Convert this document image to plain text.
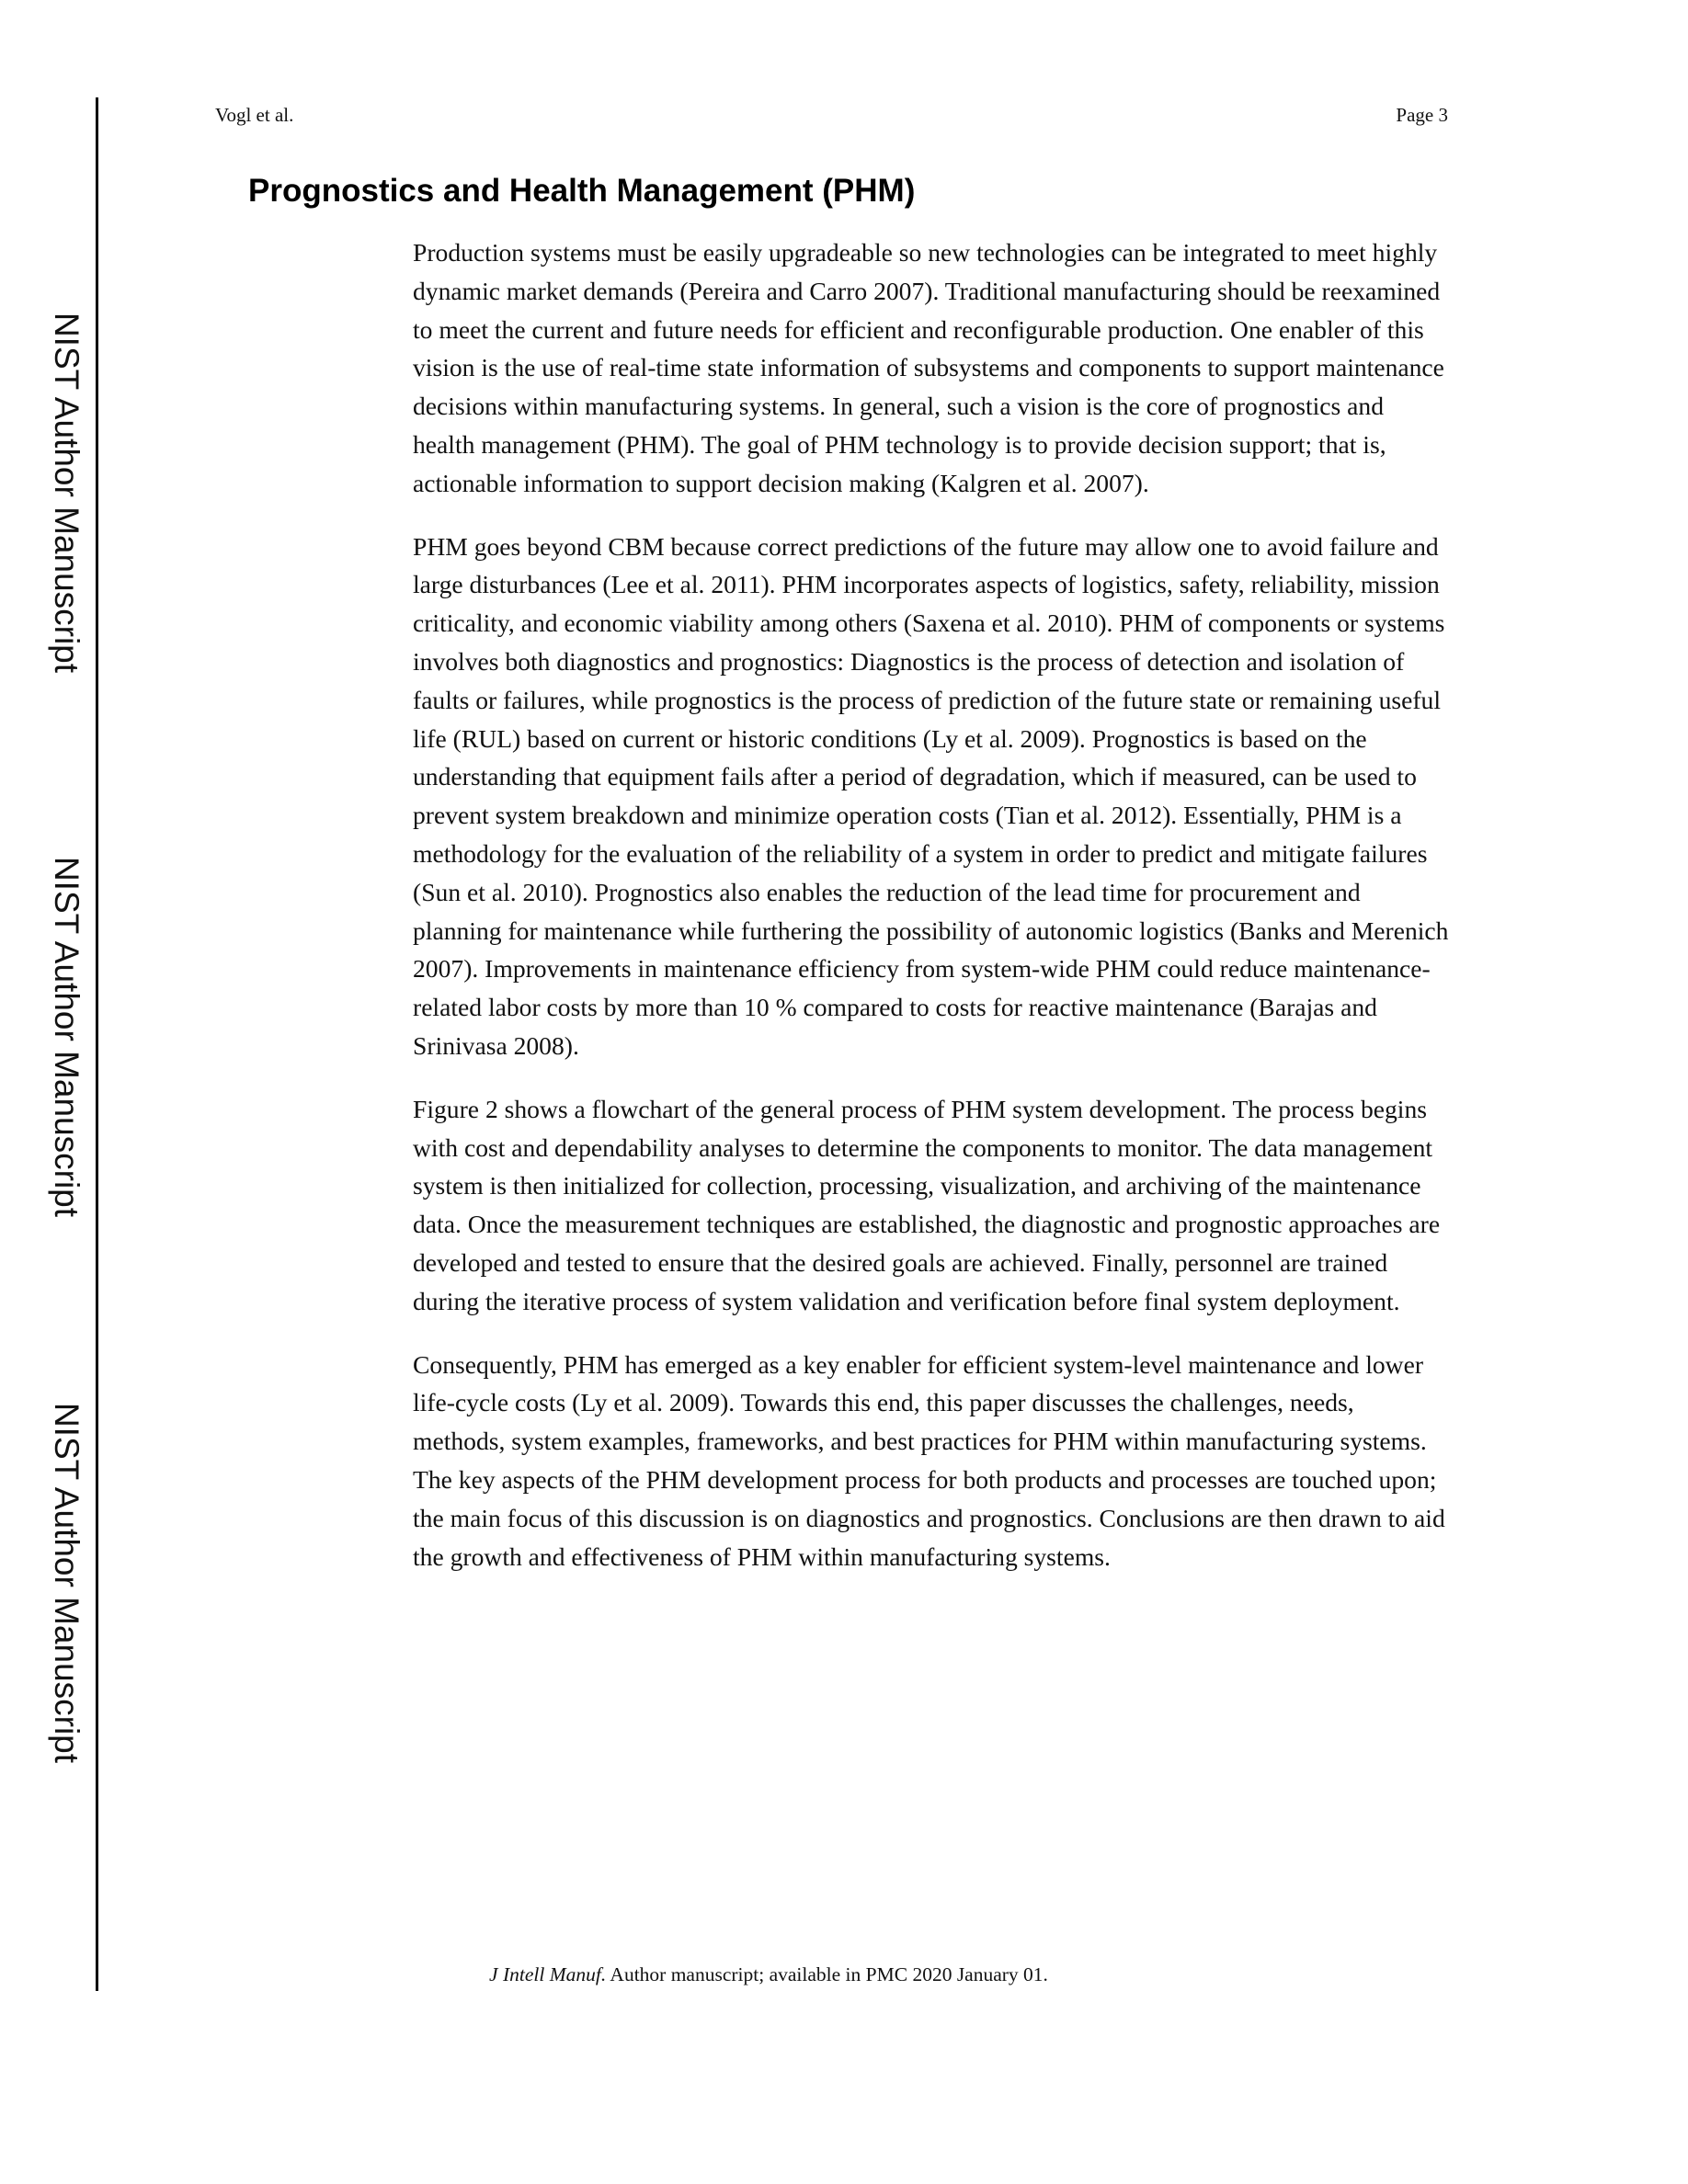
NIST Author Manuscript
NIST Author Manuscript
NIST Author Manuscript
Vogl et al.	Page 3
Prognostics and Health Management (PHM)

Production systems must be easily upgradeable so new technologies can be integrated to meet highly dynamic market demands (Pereira and Carro 2007). Traditional manufacturing should be reexamined to meet the current and future needs for efficient and reconfigurable production. One enabler of this vision is the use of real-time state information of subsystems and components to support maintenance decisions within manufacturing systems. In general, such a vision is the core of prognostics and health management (PHM). The goal of PHM technology is to provide decision support; that is, actionable information to support decision making (Kalgren et al. 2007).

PHM goes beyond CBM because correct predictions of the future may allow one to avoid failure and large disturbances (Lee et al. 2011). PHM incorporates aspects of logistics, safety, reliability, mission criticality, and economic viability among others (Saxena et al. 2010). PHM of components or systems involves both diagnostics and prognostics: Diagnostics is the process of detection and isolation of faults or failures, while prognostics is the process of prediction of the future state or remaining useful life (RUL) based on current or historic conditions (Ly et al. 2009). Prognostics is based on the understanding that equipment fails after a period of degradation, which if measured, can be used to prevent system breakdown and minimize operation costs (Tian et al. 2012). Essentially, PHM is a methodology for the evaluation of the reliability of a system in order to predict and mitigate failures (Sun et al. 2010). Prognostics also enables the reduction of the lead time for procurement and planning for maintenance while furthering the possibility of autonomic logistics (Banks and Merenich 2007). Improvements in maintenance efficiency from system-wide PHM could reduce maintenance-related labor costs by more than 10 % compared to costs for reactive maintenance (Barajas and Srinivasa 2008).

Figure 2 shows a flowchart of the general process of PHM system development. The process begins with cost and dependability analyses to determine the components to monitor. The data management system is then initialized for collection, processing, visualization, and archiving of the maintenance data. Once the measurement techniques are established, the diagnostic and prognostic approaches are developed and tested to ensure that the desired goals are achieved. Finally, personnel are trained during the iterative process of system validation and verification before final system deployment.

Consequently, PHM has emerged as a key enabler for efficient system-level maintenance and lower life-cycle costs (Ly et al. 2009). Towards this end, this paper discusses the challenges, needs, methods, system examples, frameworks, and best practices for PHM within manufacturing systems. The key aspects of the PHM development process for both products and processes are touched upon; the main focus of this discussion is on diagnostics and prognostics. Conclusions are then drawn to aid the growth and effectiveness of PHM within manufacturing systems.

J Intell Manuf. Author manuscript; available in PMC 2020 January 01.
